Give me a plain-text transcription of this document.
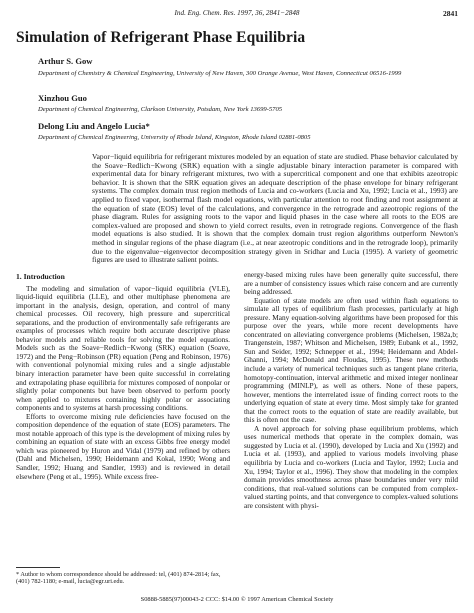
Ind. Eng. Chem. Res. 1997, 36, 2841−2848	2841
Simulation of Refrigerant Phase Equilibria
Arthur S. Gow
Department of Chemistry & Chemical Engineering, University of New Haven, 300 Orange Avenue, West Haven, Connecticut 06516-1999
Xinzhou Guo
Department of Chemical Engineering, Clarkson University, Potsdam, New York 13699-5705
Delong Liu and Angelo Lucia*
Department of Chemical Engineering, University of Rhode Island, Kingston, Rhode Island 02881-0805
Vapor−liquid equilibria for refrigerant mixtures modeled by an equation of state are studied. Phase behavior calculated by the Soave−Redlich−Kwong (SRK) equation with a single adjustable binary interaction parameter is compared with experimental data for binary refrigerant mixtures, two with a supercritical component and one that exhibits azeotropic behavior. It is shown that the SRK equation gives an adequate description of the phase envelope for binary refrigerant systems. The complex domain trust region methods of Lucia and co-workers (Lucia and Xu, 1992; Lucia et al., 1993) are applied to fixed vapor, isothermal flash model equations, with particular attention to root finding and root assignment at the equation of state (EOS) level of the calculations, and convergence in the retrograde and azeotropic regions of the phase diagram. Rules for assigning roots to the vapor and liquid phases in the case where all roots to the EOS are complex-valued are proposed and shown to yield correct results, even in retrograde regions. Convergence of the flash model equations is also studied. It is shown that the complex domain trust region algorithms outperform Newton's method in singular regions of the phase diagram (i.e., at near azeotropic conditions and in the retrograde loop), primarily due to the eigenvalue−eigenvector decomposition strategy given in Sridhar and Lucia (1995). A variety of geometric figures are used to illustrate salient points.
1. Introduction

The modeling and simulation of vapor−liquid equilibria (VLE), liquid-liquid equilibria (LLE), and other multiphase phenomena are important in the analysis, design, operation, and control of many chemical processes. Oil recovery, high pressure and supercritical separations, and the production of environmentally safe refrigerants are examples of processes which require both accurate descriptive phase behavior models and reliable tools for solving the model equations. Models such as the Soave−Redlich−Kwong (SRK) equation (Soave, 1972) and the Peng−Robinson (PR) equation (Peng and Robinson, 1976) with conventional polynomial mixing rules and a single adjustable binary interaction parameter have been quite successful in correlating and extrapolating phase equilibria for mixtures composed of nonpolar or slightly polar components but have been observed to perform poorly when applied to mixtures containing highly polar or associating components and to systems at harsh processing conditions.

Efforts to overcome mixing rule deficiencies have focused on the composition dependence of the equation of state (EOS) parameters. The most notable approach of this type is the development of mixing rules by combining an equation of state with an excess Gibbs free energy model which was pioneered by Huron and Vidal (1979) and refined by others (Dahl and Michelsen, 1990; Heidemann and Kokal, 1990; Wong and Sandler, 1992; Huang and Sandler, 1993) and is reviewed in detail elsewhere (Peng et al., 1995). While excess free-

energy-based mixing rules have been generally quite successful, there are a number of consistency issues which raise concern and are currently being addressed.

Equation of state models are often used within flash equations to simulate all types of equilibrium flash processes, particularly at high pressure. Many equation-solving algorithms have been proposed for this purpose over the years, while more recent developments have concentrated on alleviating convergence problems (Michelsen, 1982a,b; Trangenstein, 1987; Whitson and Michelsen, 1989; Eubank et al., 1992, Sun and Seider, 1992; Schnepper et al., 1994; Heidemann and Abdel-Ghanni, 1994; McDonald and Floudas, 1995). These new methods include a variety of numerical techniques such as tangent plane criteria, homotopy-continuation, interval arithmetic and mixed integer nonlinear programming (MINLP), as well as others. None of these papers, however, mentions the interrelated issue of finding correct roots to the underlying equation of state at every time. Most simply take for granted that the correct roots to the equation of state are readily available, but this is often not the case.

A novel approach for solving phase equilibrium problems, which uses numerical methods that operate in the complex domain, was suggested by Lucia et al. (1990), developed by Lucia and Xu (1992) and Lucia et al. (1993), and applied to various models involving phase equilibria by Lucia and co-workers (Lucia and Taylor, 1992; Lucia and Xu, 1994; Taylor et al., 1996). They show that modeling in the complex domain provides smoothness across phase boundaries under very mild conditions, that real-valued solutions can be computed from complex-valued starting points, and that convergence to complex-valued solutions are consistent with physi-

* Author to whom correspondence should be addressed: tel, (401) 874-2814; fax, (401) 782-1180; e-mail, lucia@egr.uri.edu.
S0888-5885(97)00043-2 CCC: $14.00 © 1997 American Chemical Society
